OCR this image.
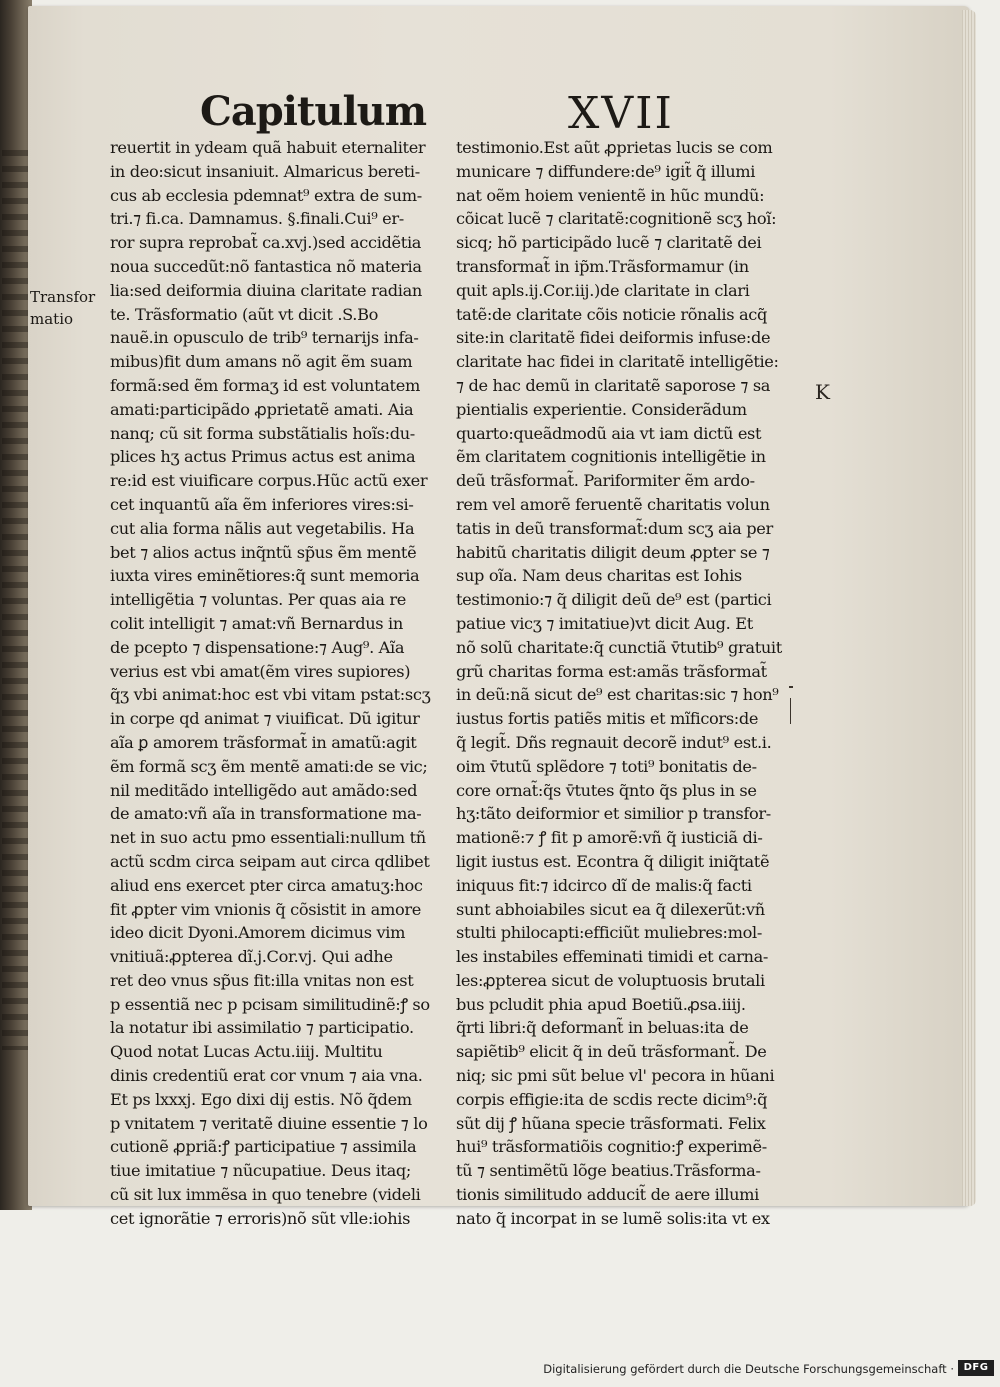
Capitulum	XVII
Transfor
matio
reuertit in ydeam quã habuit eternaliter
in deo:sicut insaniuit. Almaricus bereti-
cus ab ecclesia pdemnat⁹ extra de sum-
tri.⁊ fi.ca. Damnamus. §.finali.Cui⁹ er-
ror supra reprobat̃ ca.xvj.)sed accidẽtia
noua succedũt:nõ fantastica nõ materia
lia:sed deiformia diuina claritate radian
te. Trãsformatio (aũt vt dicit .S.Bo
nauẽ.in opusculo de trib⁹ ternarijs infa-
mibus)fit dum amans nõ agit ẽm suam
formã:sed ẽm formaʒ id est voluntatem
amati:participãdo ꝓprietatẽ amati. Aia
nanq; cũ sit forma substãtialis hoĩs:du-
plices hʒ actus Primus actus est anima
re:id est viuificare corpus.Hũc actũ exer
cet inquantũ aĩa ẽm inferiores vires:si-
cut alia forma nãlis aut vegetabilis. Ha
bet ⁊ alios actus inq̃ntũ sp̃us ẽm mentẽ
iuxta vires eminẽtiores:q̃ sunt memoria
intelligẽtia ⁊ voluntas. Per quas aia re
colit intelligit ⁊ amat:vñ Bernardus in
de pcepto ⁊ dispensatione:⁊ Aug⁹. Aĩa
verius est vbi amat(ẽm vires supiores)
q̃ʒ vbi animat:hoc est vbi vitam pstat:scʒ
in corpe qd animat ⁊ viuificat. Dũ igitur
aĩa ꝑ amorem trãsformat̃ in amatũ:agit
ẽm formã scʒ ẽm mentẽ amati:de se vic;
nil meditãdo intelligẽdo aut amãdo:sed
de amato:vñ aĩa in transformatione ma-
net in suo actu pmo essentiali:nullum tñ
actũ scdm circa seipam aut circa qdlibet
aliud ens exercet pter circa amatuʒ:hoc
fit ꝓpter vim vnionis q̃ cõsistit in amore
ideo dicit Dyoni.Amorem dicimus vim
vnitiuã:ꝓpterea dĩ.j.Cor.vj. Qui adhe
ret deo vnus sp̃us fit:illa vnitas non est
p essentiã nec p pcisam similitudinẽ:ꝭ so
la notatur ibi assimilatio ⁊ participatio.
Quod notat Lucas Actu.iiij. Multitu
dinis credentiũ erat cor vnum ⁊ aia vna.
Et ps lxxxj. Ego dixi dij estis. Nõ q̃dem
p vnitatem ⁊ veritatẽ diuine essentie ⁊ lo
cutionẽ ꝓpriã:ꝭ participatiue ⁊ assimila
tiue imitatiue ⁊ nũcupatiue. Deus itaq;
cũ sit lux immẽsa in quo tenebre (videli
cet ignorãtie ⁊ erroris)nõ sũt vlle:iohis
testimonio.Est aũt ꝓprietas lucis se com
municare ⁊ diffundere:de⁹ igit̃ q̃ illumi
nat oẽm hoiem venientẽ in hũc mundũ:
cõicat lucẽ ⁊ claritatẽ:cognitionẽ scʒ hoĩ:
sicq; hõ participãdo lucẽ ⁊ claritatẽ dei
transformat̃ in ip̃m.Trãsformamur (in
quit apls.ij.Cor.iij.)de claritate in clari
tatẽ:de claritate cõis noticie rõnalis acq̃
site:in claritatẽ fidei deiformis infuse:de
claritate hac fidei in claritatẽ intelligẽtie:
⁊ de hac demũ in claritatẽ saporose ⁊ sa
pientialis experientie. Considerãdum
quarto:queãdmodũ aia vt iam dictũ est
ẽm claritatem cognitionis intelligẽtie in
deũ trãsformat̃. Pariformiter ẽm ardo-
rem vel amorẽ feruentẽ charitatis volun
tatis in deũ transformat̃:dum scʒ aia per
habitũ charitatis diligit deum ꝓpter se ⁊
sup oĩa. Nam deus charitas est Iohis
testimonio:⁊ q̃ diligit deũ de⁹ est (partici
patiue vicʒ ⁊ imitatiue)vt dicit Aug. Et
nõ solũ charitate:q̃ cunctiã v̄tutib⁹ gratuit
grũ charitas forma est:amãs trãsformat̃
in deũ:nã sicut de⁹ est charitas:sic ⁊ hon⁹
iustus fortis patiẽs mitis et mĩficors:de
q̃ legit̃. Dñs regnauit decorẽ indut⁹ est.i.
oim v̄tutũ splẽdore ⁊ toti⁹ bonitatis de-
core ornat̃:q̃s v̄tutes q̃nto q̃s plus in se
hʒ:tãto deiformior et similior p transfor-
mationẽ:⁊ ꝭ fit p amorẽ:vñ q̃ iusticiã di-
ligit iustus est. Econtra q̃ diligit iniq̃tatẽ
iniquus fit:⁊ idcirco dĩ de malis:q̃ facti
sunt abhoiabiles sicut ea q̃ dilexerũt:vñ
stulti philocapti:efficiũt muliebres:mol-
les instabiles effeminati timidi et carna-
les:ꝓpterea sicut de voluptuosis brutali
bus pcludit phia apud Boetiũ.ꝓsa.iiij.
q̃rti libri:q̃ deformant̃ in beluas:ita de
sapiẽtib⁹ elicit q̃ in deũ trãsformant̃. De
niq; sic pmi sũt belue vl' pecora in hũani
corpis effigie:ita de scdis recte dicim⁹:q̃
sũt dij ꝭ hũana specie trãsformati. Felix
hui⁹ trãsformatiõis cognitio:ꝭ experimẽ-
tũ ⁊ sentimẽtũ lõge beatius.Trãsforma-
tionis similitudo adducit̃ de aere illumi
nato q̃ incorpat in se lumẽ solis:ita vt ex
K
Digitalisierung gefördert durch die Deutsche Forschungsgemeinschaft · DFG
